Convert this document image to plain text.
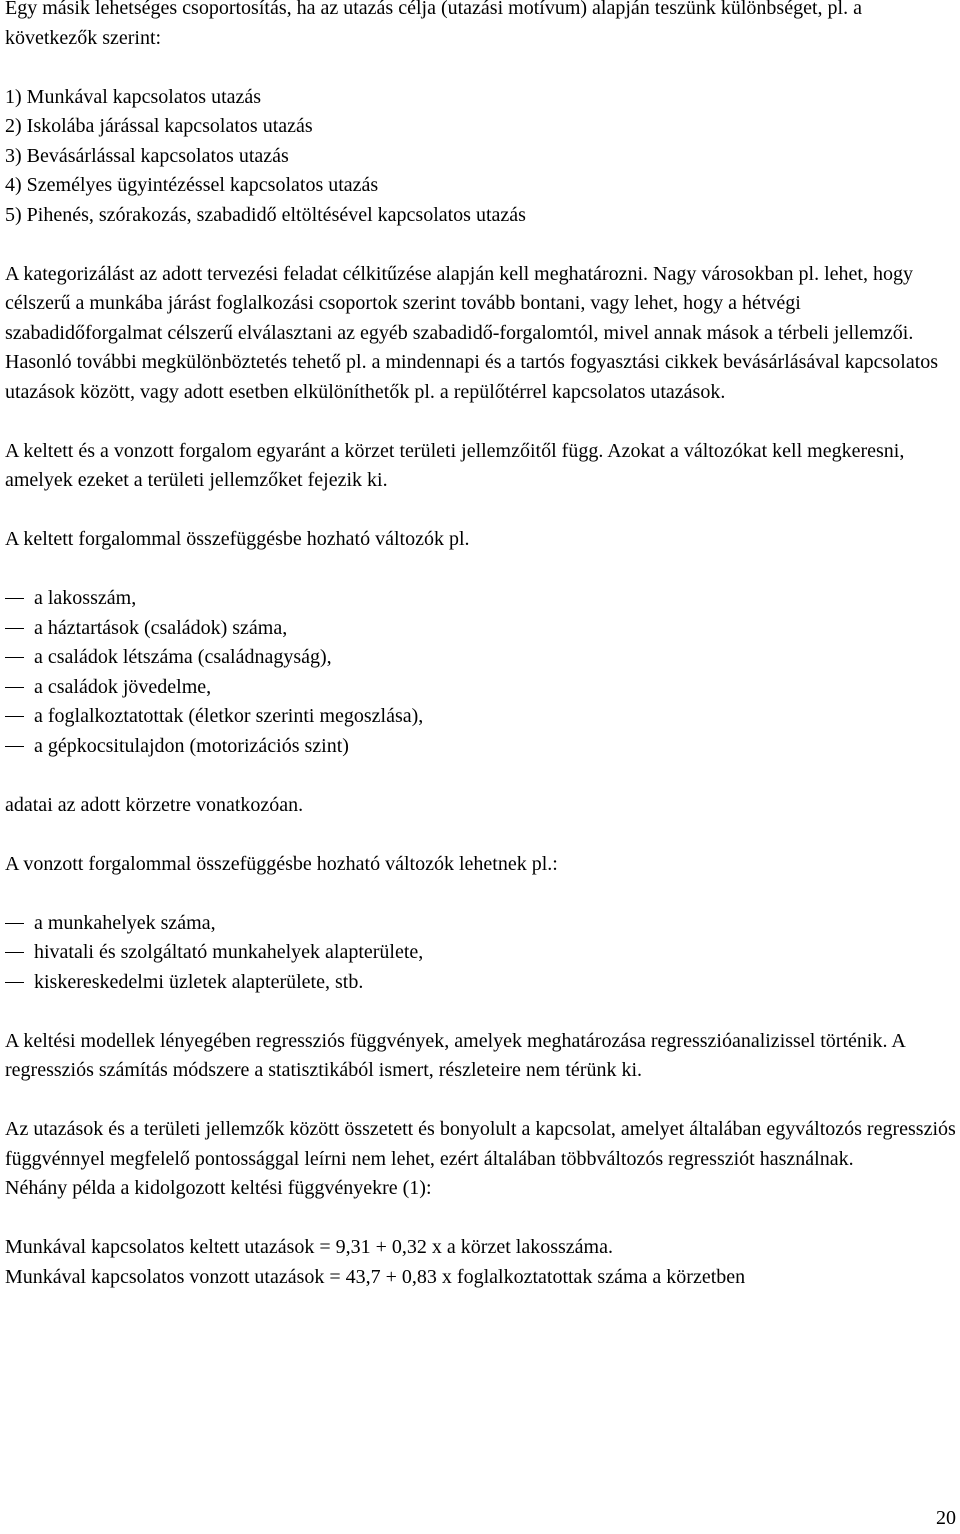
Egy másik lehetséges csoportosítás, ha az utazás célja (utazási motívum) alapján teszünk különbséget, pl. a következők szerint:

1) Munkával kapcsolatos utazás

2) Iskolába járással kapcsolatos utazás

3) Bevásárlással kapcsolatos utazás

4) Személyes ügyintézéssel kapcsolatos utazás

5) Pihenés, szórakozás, szabadidő eltöltésével kapcsolatos utazás

A kategorizálást az adott tervezési feladat célkitűzése alapján kell meghatározni. Nagy városokban pl. lehet, hogy célszerű a munkába járást foglalkozási csoportok szerint tovább bontani, vagy lehet, hogy a hétvégi szabadidőforgalmat célszerű elválasztani az egyéb szabadidő-forgalomtól, mivel annak mások a térbeli jellemzői. Hasonló további megkülönböztetés tehető pl. a mindennapi és a tartós fogyasztási cikkek bevásárlásával kapcsolatos utazások között, vagy adott esetben elkülöníthetők pl. a repülőtérrel kapcsolatos utazások.

A keltett és a vonzott forgalom egyaránt a körzet területi jellemzőitől függ. Azokat a változókat kell megkeresni, amelyek ezeket a területi jellemzőket fejezik ki.

A keltett forgalommal összefüggésbe hozható változók pl.

a lakosszám,

a háztartások (családok) száma,

a családok létszáma (családnagyság),

a családok jövedelme,

a foglalkoztatottak (életkor szerinti megoszlása),

a gépkocsitulajdon (motorizációs szint)

adatai az adott körzetre vonatkozóan.

A vonzott forgalommal összefüggésbe hozható változók lehetnek pl.:

a munkahelyek száma,

hivatali és szolgáltató munkahelyek alapterülete,

kiskereskedelmi üzletek alapterülete, stb.

A keltési modellek lényegében regressziós függvények, amelyek meghatározása regresszióanalizissel történik. A regressziós számítás módszere a statisztikából ismert, részleteire nem térünk ki.

Az utazások és a területi jellemzők között összetett és bonyolult a kapcsolat, amelyet általában egyváltozós regressziós függvénnyel megfelelő pontossággal leírni nem lehet, ezért általában többváltozós regressziót használnak.

Néhány példa a kidolgozott keltési függvényekre (1):

Munkával kapcsolatos keltett utazások = 9,31 + 0,32 x a körzet lakosszáma.

Munkával kapcsolatos vonzott utazások = 43,7 + 0,83 x foglalkoztatottak száma a körzetben

20
